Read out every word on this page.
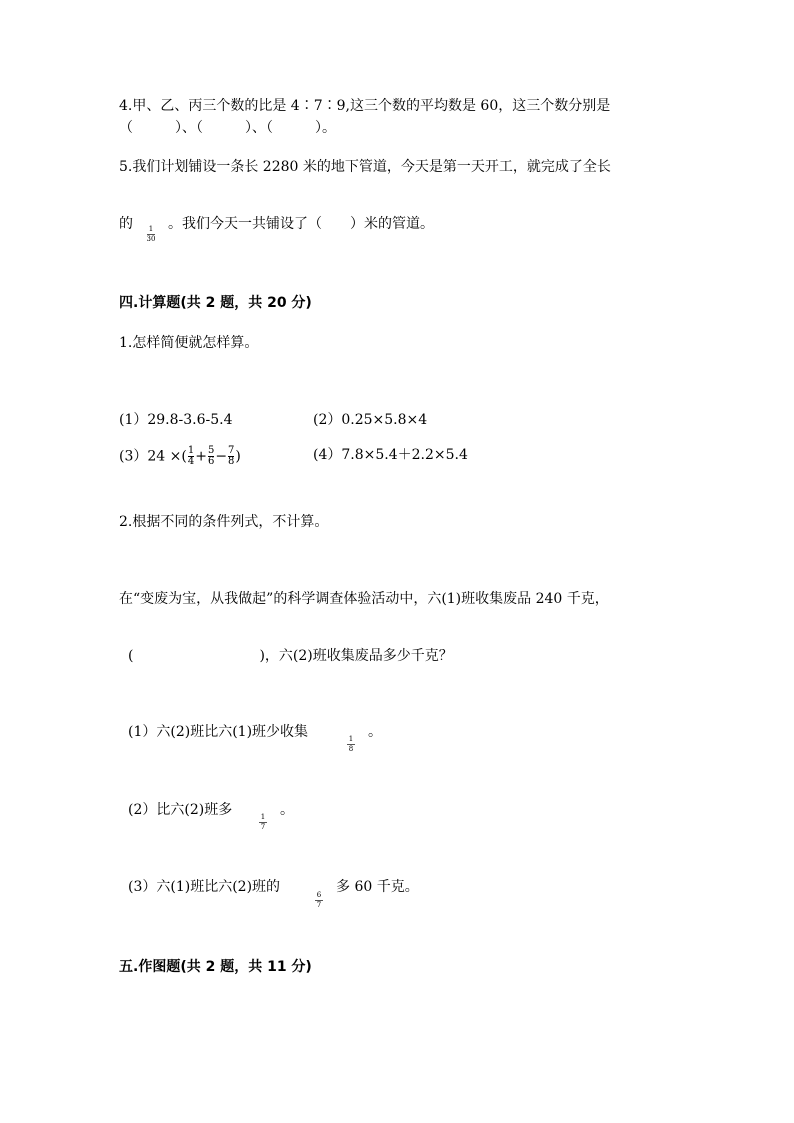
4.甲、乙、丙三个数的比是 4∶7∶9,这三个数的平均数是 60，这三个数分别是
（　　　）、（　　　）、（　　　）。
5.我们计划铺设一条长 2280 米的地下管道，今天是第一天开工，就完成了全长
的	1
30
。我们今天一共铺设了（　　）米的管道。
四.计算题(共 2 题，共 20 分)
1.怎样简便就怎样算。
(1）29.8-3.6-5.4	(2）0.25×5.8×4
(3）24 ×( $\frac{1}{4} + \frac{5}{6} - \frac{7}{8}$ )	(4）7.8×5.4＋2.2×5.4
2.根据不同的条件列式，不计算。
在“变废为宝，从我做起”的科学调查体验活动中，六(1)班收集废品 240 千克，
(　　　　　　　　　)，六(2)班收集废品多少千克？
(1）六(2)班比六(1)班少收集	1
8
。
(2）比六(2)班多	1
7
。
(3）六(1)班比六(2)班的	6
7
多 60 千克。
五.作图题(共 2 题，共 11 分)
